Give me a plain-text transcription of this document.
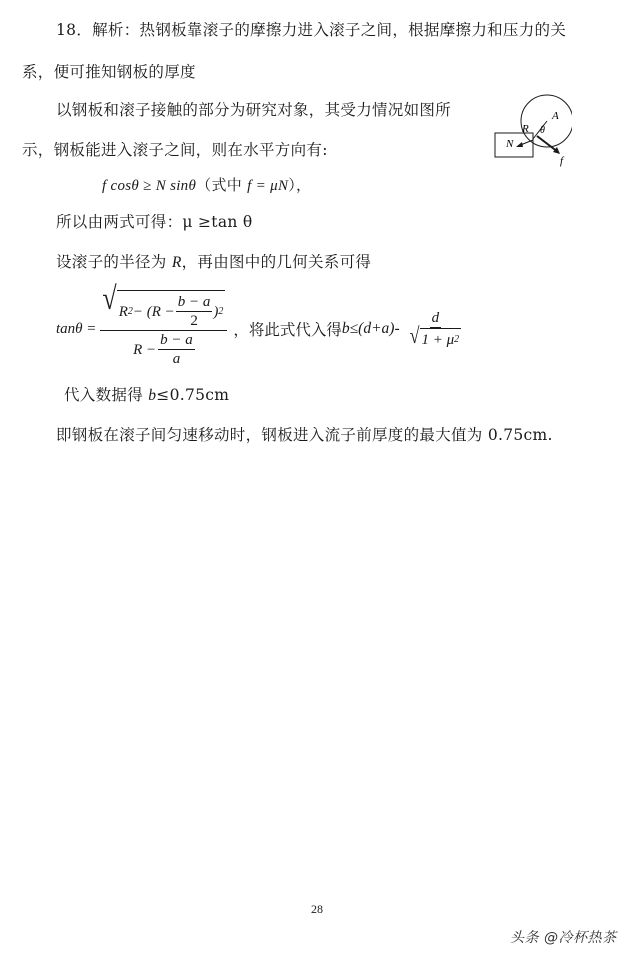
18．解析：热钢板靠滚子的摩擦力进入滚子之间，根据摩擦力和压力的关
系，便可推知钢板的厚度
以钢板和滚子接触的部分为研究对象，其受力情况如图所
示，钢板能进入滚子之间，则在水平方向有:
A
R θ
N
f
f cosθ ≥ N sinθ（式中 f = μN），
所以由两式可得：μ ≥tan θ
设滚子的半径为 R，再由图中的几何关系可得
tanθ =
√ R $2 - (R - \frac{b - a}{2}$ ) 2
$R - \frac{b - a}{a}$
，将此式代入得 $b\le(d+a)- \frac{d}{√ 1 + \mu 2}$
代入数据得 b≤0.75cm
即钢板在滚子间匀速移动时，钢板进入流子前厚度的最大值为 0.75cm.
28
头条 @冷杯热茶
